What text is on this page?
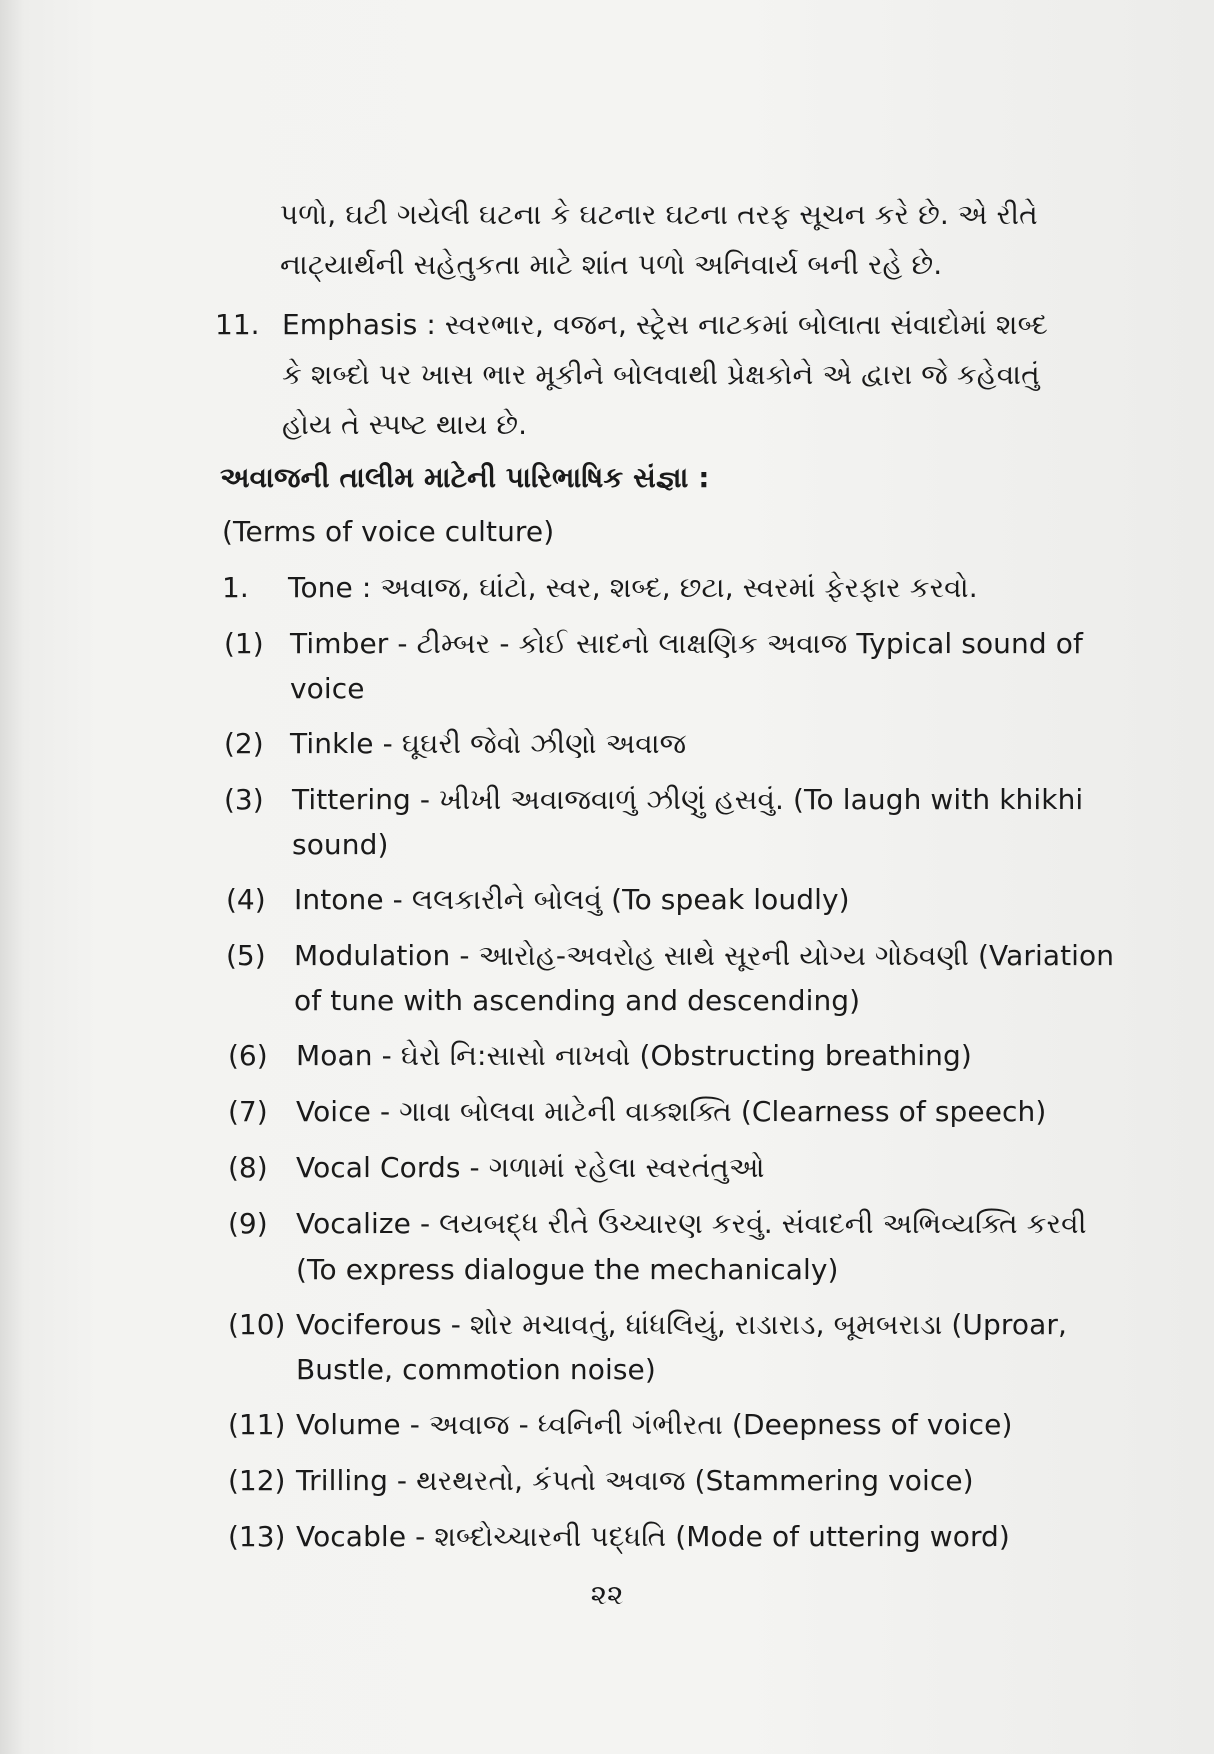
પળો, ઘટી ગયેલી ઘટના કે ઘટનાર ઘટના તરફ સૂચન કરે છે. એ રીતે
નાટ્યાર્થની સહેતુકતા માટે શાંત પળો અનિવાર્ય બની રહે છે.
11. Emphasis : સ્વરભાર, વજન, સ્ટ્રેસ નાટકમાં બોલાતા સંવાદોમાં શબ્દ
કે શબ્દો પર ખાસ ભાર મૂકીને બોલવાથી પ્રેક્ષકોને એ દ્વારા જે કહેવાતું
હોય તે સ્પષ્ટ થાય છે.
અવાજની તાલીમ માટેની પારિભાષિક સંજ્ઞા :
(Terms of voice culture)
1. Tone : અવાજ, ઘાંટો, સ્વર, શબ્દ, છટા, સ્વરમાં ફેરફાર કરવો.
(1) Timber - ટીમ્બર - કોઈ સાદનો લાક્ષણિક અવાજ Typical sound of
voice
(2) Tinkle - ઘૂઘરી જેવો ઝીણો અવાજ
(3) Tittering - ખીખી અવાજવાળું ઝીણું હસવું. (To laugh with khikhi
sound)
(4) Intone - લલકારીને બોલવું (To speak loudly)
(5) Modulation - આરોહ-અવરોહ સાથે સૂરની યોગ્ય ગોઠવણી (Variation
of tune with ascending and descending)
(6) Moan - ઘેરો નિ:સાસો નાખવો (Obstructing breathing)
(7) Voice - ગાવા બોલવા માટેની વાક્શક્તિ (Clearness of speech)
(8) Vocal Cords - ગળામાં રહેલા સ્વરતંતુઓ
(9) Vocalize - લયબદ્ધ રીતે ઉચ્ચારણ કરવું. સંવાદની અભિવ્યક્તિ કરવી
(To express dialogue the mechanicaly)
(10) Vociferous - શોર મચાવતું, ધાંધલિયું, રાડારાડ, બૂમબરાડા (Uproar,
Bustle, commotion noise)
(11) Volume - અવાજ - ધ્વનિની ગંભીરતા (Deepness of voice)
(12) Trilling - થરથરતો, કંપતો અવાજ (Stammering voice)
(13) Vocable - શબ્દોચ્ચારની પદ્ધતિ (Mode of uttering word)
૨૨
